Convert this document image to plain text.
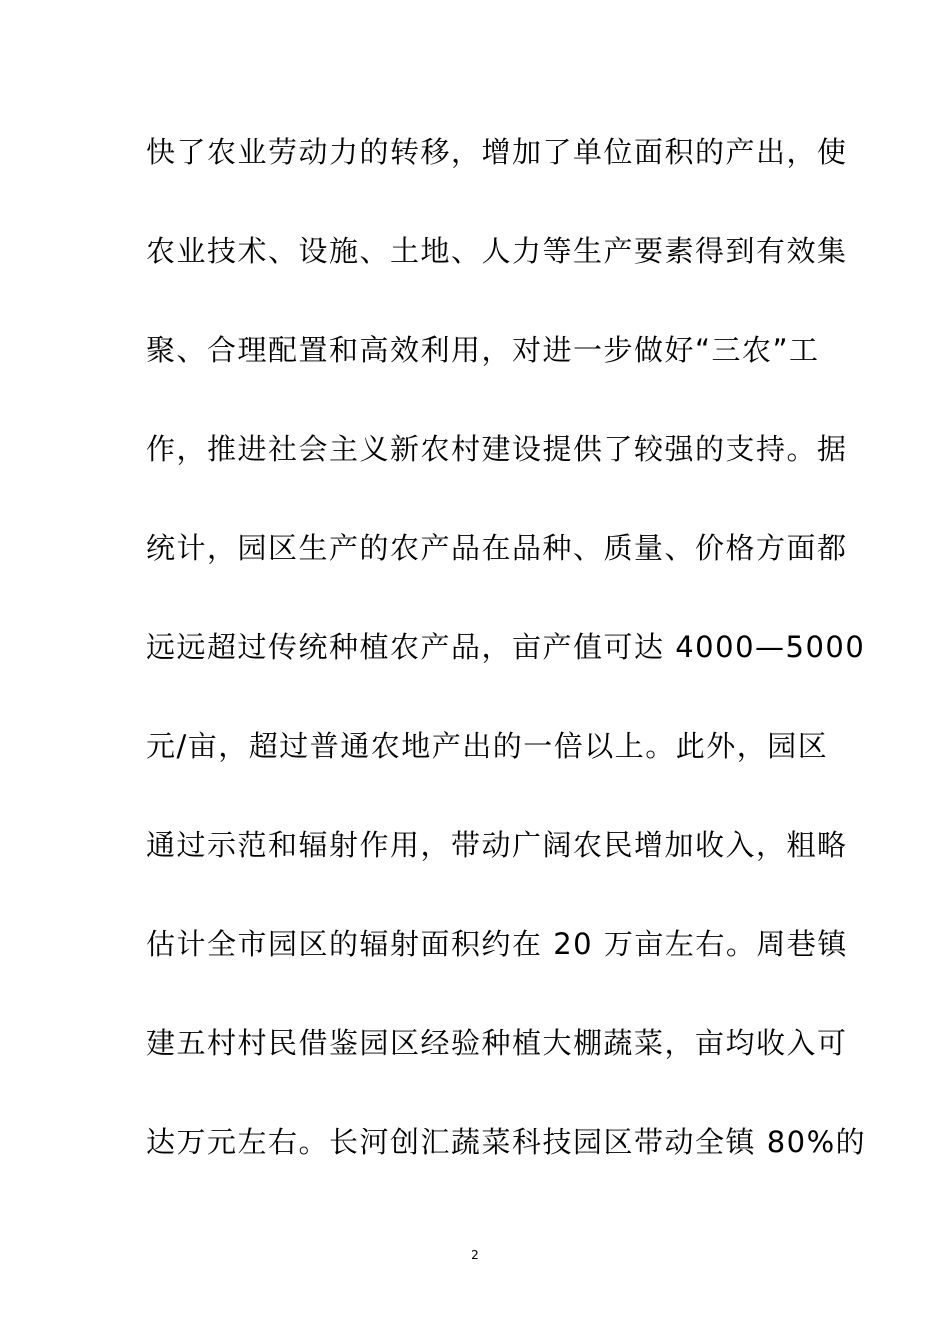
快了农业劳动力的转移，增加了单位面积的产出，使
农业技术、设施、土地、人力等生产要素得到有效集
聚、合理配置和高效利用，对进一步做好“三农”工
作，推进社会主义新农村建设提供了较强的支持。据
统计，园区生产的农产品在品种、质量、价格方面都
远远超过传统种植农产品，亩产值可达 4000—5000
元/亩，超过普通农地产出的一倍以上。此外，园区
通过示范和辐射作用，带动广阔农民增加收入，粗略
估计全市园区的辐射面积约在 20 万亩左右。周巷镇
建五村村民借鉴园区经验种植大棚蔬菜，亩均收入可
达万元左右。长河创汇蔬菜科技园区带动全镇 80%的
2
